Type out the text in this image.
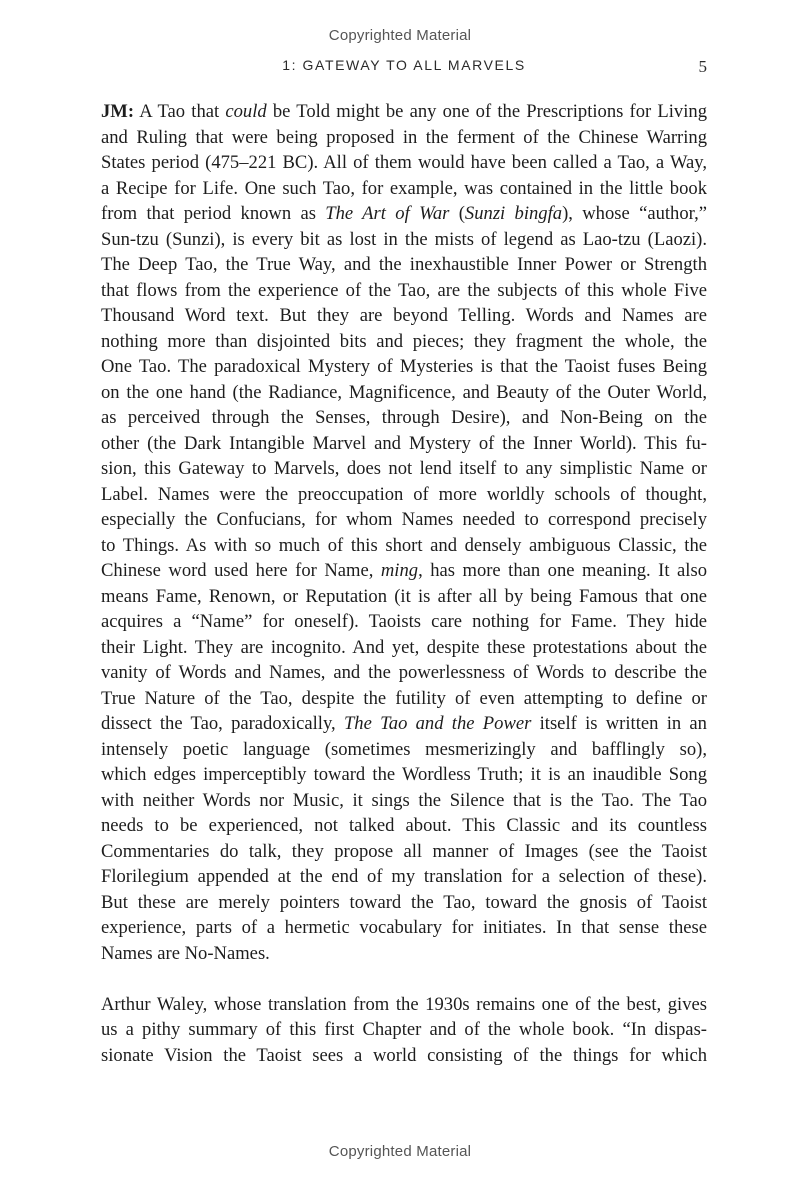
Copyrighted Material
1: GATEWAY TO ALL MARVELS	5
JM: A Tao that could be Told might be any one of the Prescriptions for Living
and Ruling that were being proposed in the ferment of the Chinese Warring
States period (475–221 BC). All of them would have been called a Tao, a Way,
a Recipe for Life. One such Tao, for example, was contained in the little book
from that period known as The Art of War (Sunzi bingfa), whose “author,”
Sun-tzu (Sunzi), is every bit as lost in the mists of legend as Lao-tzu (Laozi).
The Deep Tao, the True Way, and the inexhaustible Inner Power or Strength
that flows from the experience of the Tao, are the subjects of this whole Five
Thousand Word text. But they are beyond Telling. Words and Names are
nothing more than disjointed bits and pieces; they fragment the whole, the
One Tao. The paradoxical Mystery of Mysteries is that the Taoist fuses Being
on the one hand (the Radiance, Magnificence, and Beauty of the Outer World,
as perceived through the Senses, through Desire), and Non-Being on the
other (the Dark Intangible Marvel and Mystery of the Inner World). This fu-
sion, this Gateway to Marvels, does not lend itself to any simplistic Name or
Label. Names were the preoccupation of more worldly schools of thought,
especially the Confucians, for whom Names needed to correspond precisely
to Things. As with so much of this short and densely ambiguous Classic, the
Chinese word used here for Name, ming, has more than one meaning. It also
means Fame, Renown, or Reputation (it is after all by being Famous that one
acquires a “Name” for oneself). Taoists care nothing for Fame. They hide
their Light. They are incognito. And yet, despite these protestations about the
vanity of Words and Names, and the powerlessness of Words to describe the
True Nature of the Tao, despite the futility of even attempting to define or
dissect the Tao, paradoxically, The Tao and the Power itself is written in an
intensely poetic language (sometimes mesmerizingly and bafflingly so),
which edges imperceptibly toward the Wordless Truth; it is an inaudible Song
with neither Words nor Music, it sings the Silence that is the Tao. The Tao
needs to be experienced, not talked about. This Classic and its countless
Commentaries do talk, they propose all manner of Images (see the Taoist
Florilegium appended at the end of my translation for a selection of these).
But these are merely pointers toward the Tao, toward the gnosis of Taoist
experience, parts of a hermetic vocabulary for initiates. In that sense these
Names are No-Names.
Arthur Waley, whose translation from the 1930s remains one of the best, gives
us a pithy summary of this first Chapter and of the whole book. “In dispas-
sionate Vision the Taoist sees a world consisting of the things for which
Copyrighted Material
